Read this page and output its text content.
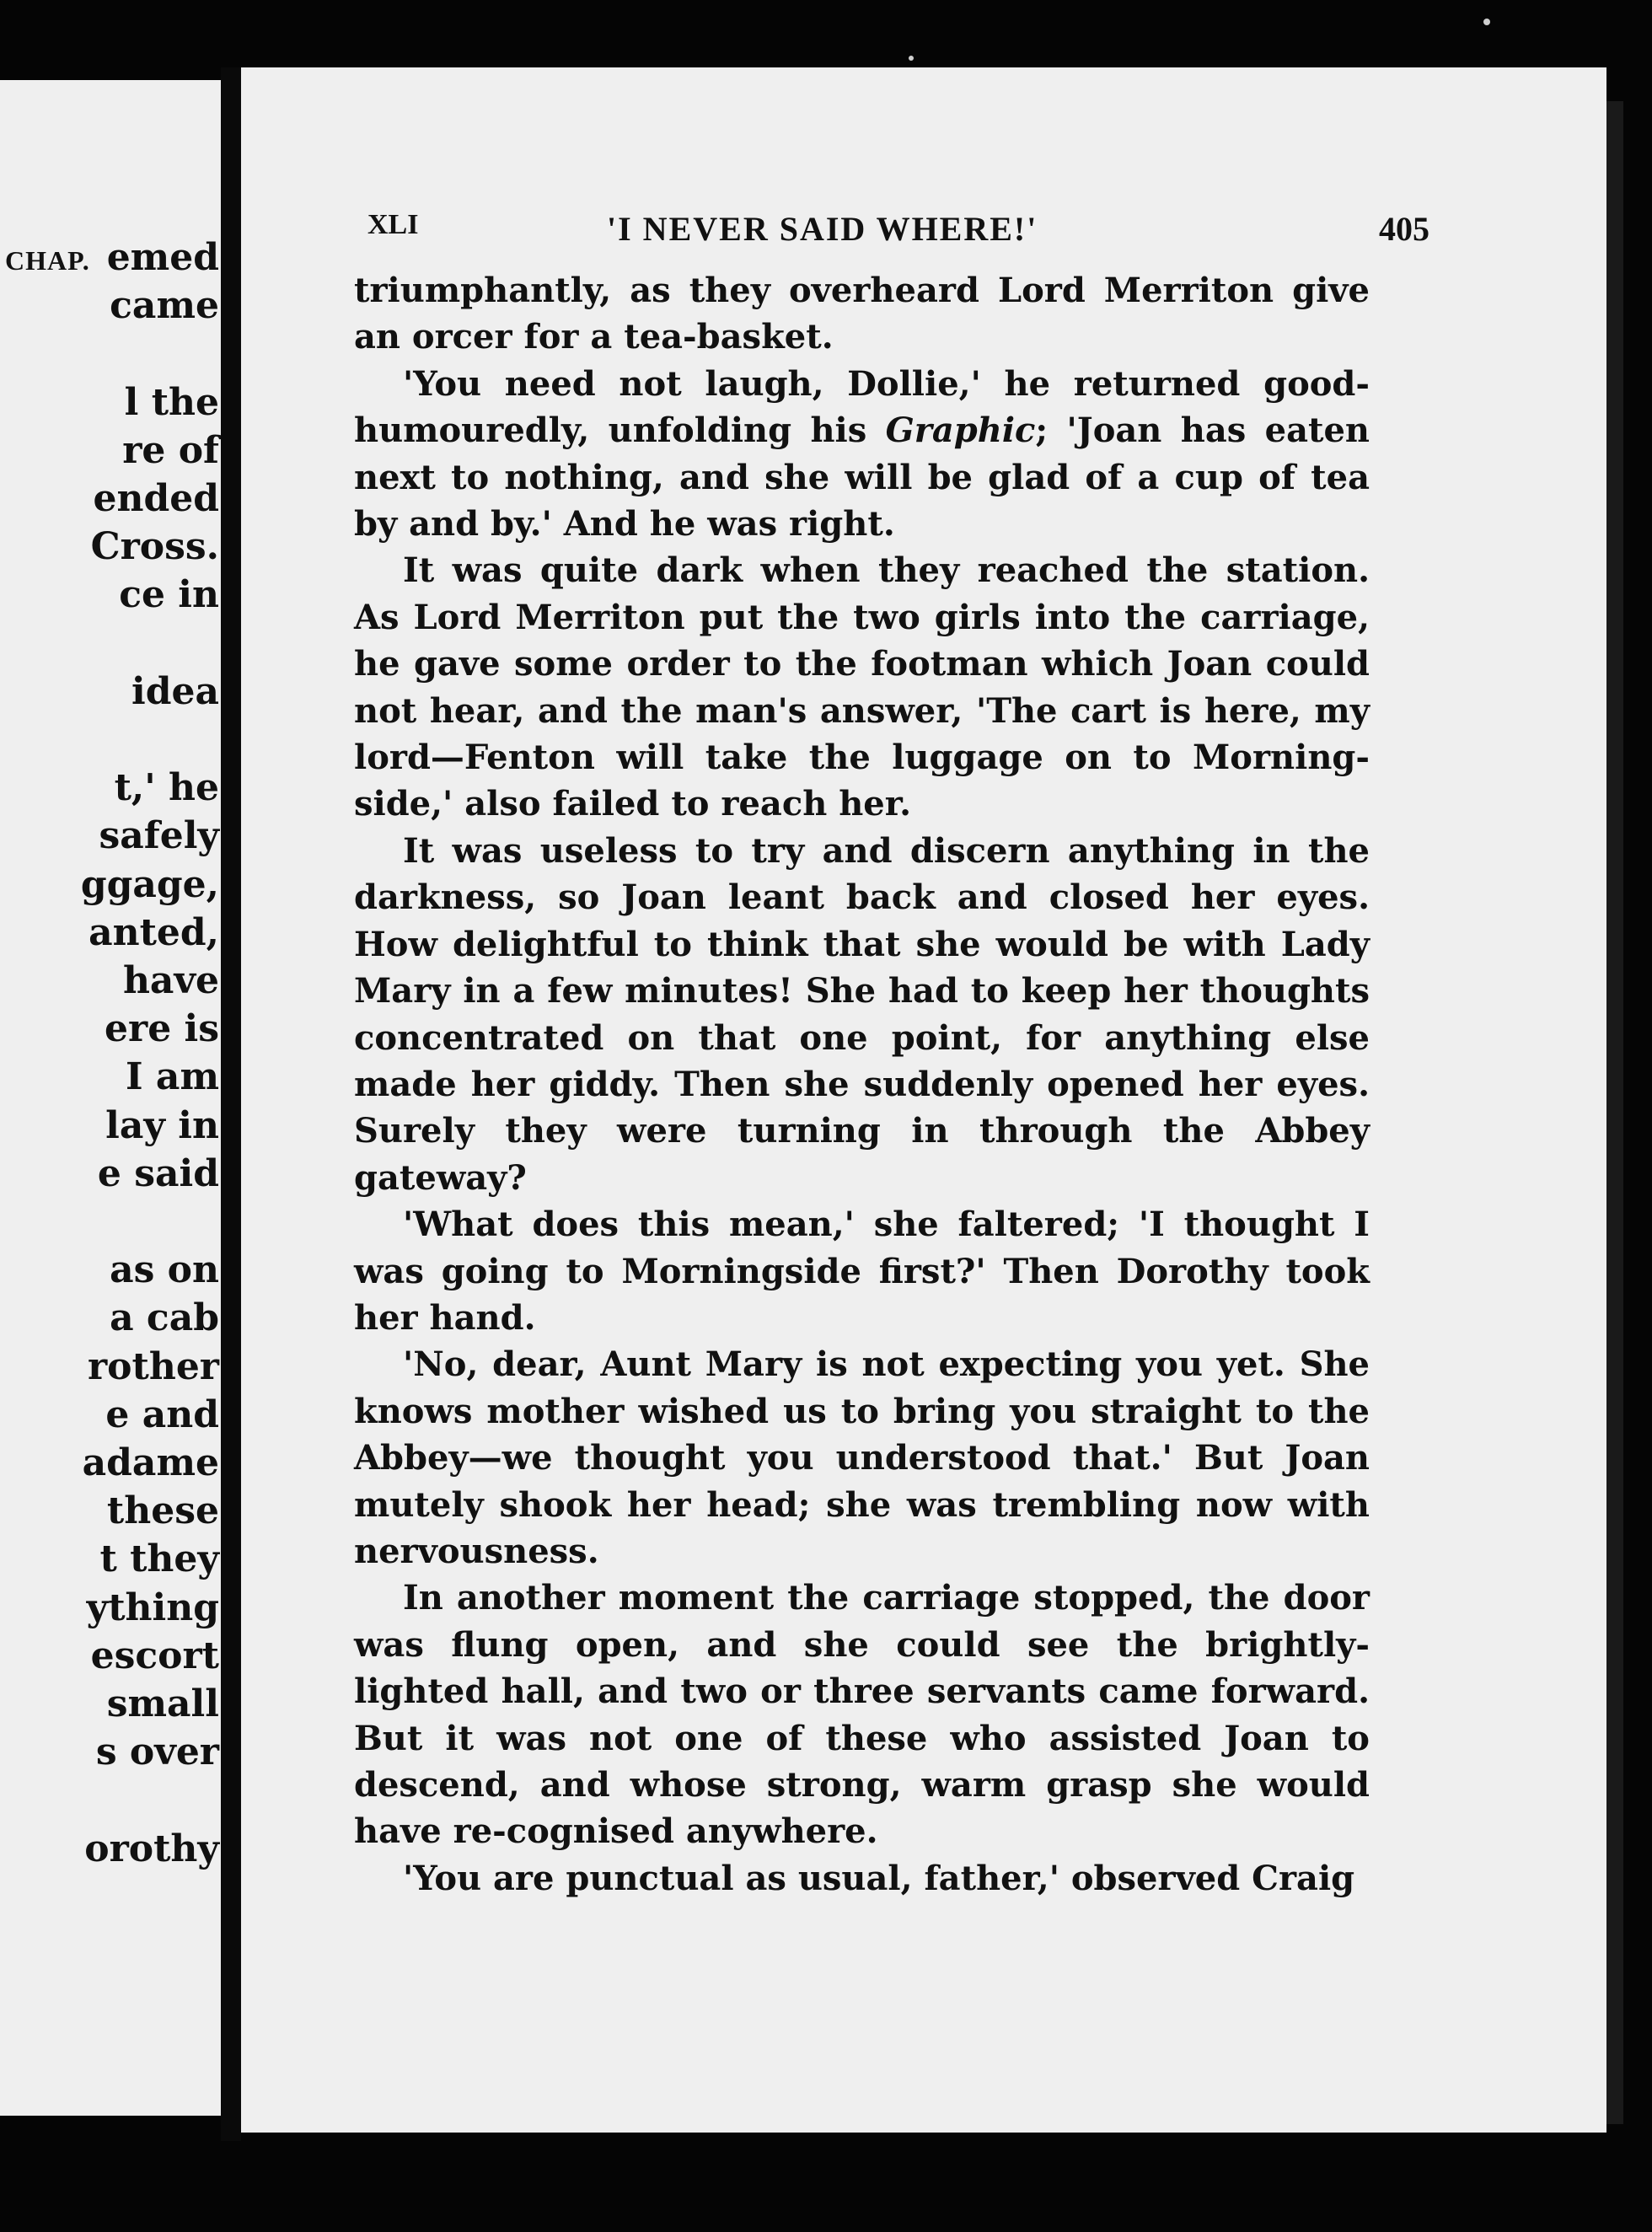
CHAP. emed
came
l the
re of
ended
Cross.
ce in
idea
t,' he
safely
ggage,
anted,
have
ere is
I am
lay in
e said
as on
a cab
rother
e and
adame
these
t they
ything
escort
small
s over
orothy
XLI	'I NEVER SAID WHERE!'	405

triumphantly, as they overheard Lord Merriton give an orcer for a tea-basket.

'You need not laugh, Dollie,' he returned good-humouredly, unfolding his Graphic; 'Joan has eaten next to nothing, and she will be glad of a cup of tea by and by.' And he was right.

It was quite dark when they reached the station. As Lord Merriton put the two girls into the carriage, he gave some order to the footman which Joan could not hear, and the man's answer, 'The cart is here, my lord—Fenton will take the luggage on to Morning-side,' also failed to reach her.

It was useless to try and discern anything in the darkness, so Joan leant back and closed her eyes. How delightful to think that she would be with Lady Mary in a few minutes! She had to keep her thoughts concentrated on that one point, for anything else made her giddy. Then she suddenly opened her eyes. Surely they were turning in through the Abbey gateway?

'What does this mean,' she faltered; 'I thought I was going to Morningside first?' Then Dorothy took her hand.

'No, dear, Aunt Mary is not expecting you yet. She knows mother wished us to bring you straight to the Abbey—we thought you understood that.' But Joan mutely shook her head; she was trembling now with nervousness.

In another moment the carriage stopped, the door was flung open, and she could see the brightly-lighted hall, and two or three servants came forward. But it was not one of these who assisted Joan to descend, and whose strong, warm grasp she would have re-cognised anywhere.

'You are punctual as usual, father,' observed Craig
